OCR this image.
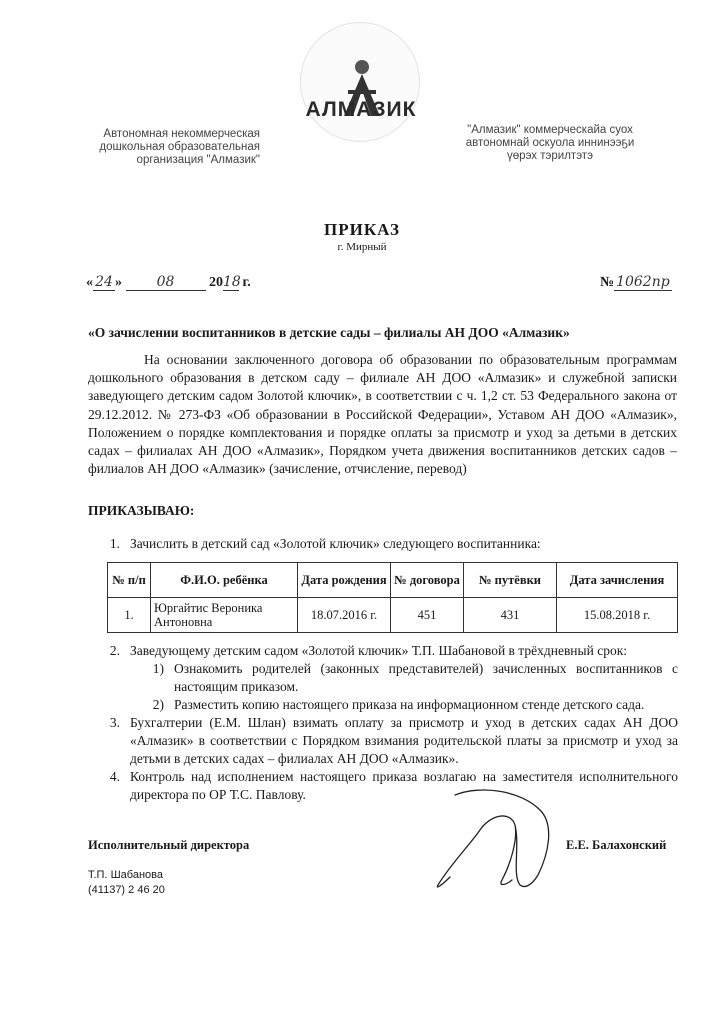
АЛМАЗИК
Автономная некоммерческая
дошкольная образовательная
организация "Алмазик"
"Алмазик" коммерческайа суох
автономнай оскуола иннинээҕи
үөрэх тэрилтэтэ
ПРИКАЗ
г. Мирный
« 24 » 08 2018 г.	№ 1062пр
«О зачислении воспитанников в детские сады – филиалы АН ДОО «Алмазик»
На основании заключенного договора об образовании по образовательным программам дошкольного образования в детском саду – филиале АН ДОО «Алмазик» и служебной записки заведующего детским садом Золотой ключик», в соответствии с ч. 1,2 ст. 53 Федерального закона от 29.12.2012. № 273-ФЗ «Об образовании в Российской Федерации», Уставом АН ДОО «Алмазик», Положением о порядке комплектования и порядке оплаты за присмотр и уход за детьми в детских садах – филиалах АН ДОО «Алмазик», Порядком учета движения воспитанников детских садов – филиалов АН ДОО «Алмазик» (зачисление, отчисление, перевод)
ПРИКАЗЫВАЮ:
1. Зачислить в детский сад «Золотой ключик» следующего воспитанника:
№ п/п	Ф.И.О. ребёнка	Дата рождения	№ договора	№ путёвки	Дата зачисления
1.	Юргайтис Вероника Антоновна	18.07.2016 г.	451	431	15.08.2018 г.
2. Заведующему детским садом «Золотой ключик» Т.П. Шабановой в трёхдневный срок:
1) Ознакомить родителей (законных представителей) зачисленных воспитанников с настоящим приказом.
2) Разместить копию настоящего приказа на информационном стенде детского сада.
3. Бухгалтерии (Е.М. Шлан) взимать оплату за присмотр и уход в детских садах АН ДОО «Алмазик» в соответствии с Порядком взимания родительской платы за присмотр и уход за детьми в детских садах – филиалах АН ДОО «Алмазик».
4. Контроль над исполнением настоящего приказа возлагаю на заместителя исполнительного директора по ОР Т.С. Павлову.
Исполнительный директора	Е.Е. Балахонский
Т.П. Шабанова
(41137) 2 46 20
